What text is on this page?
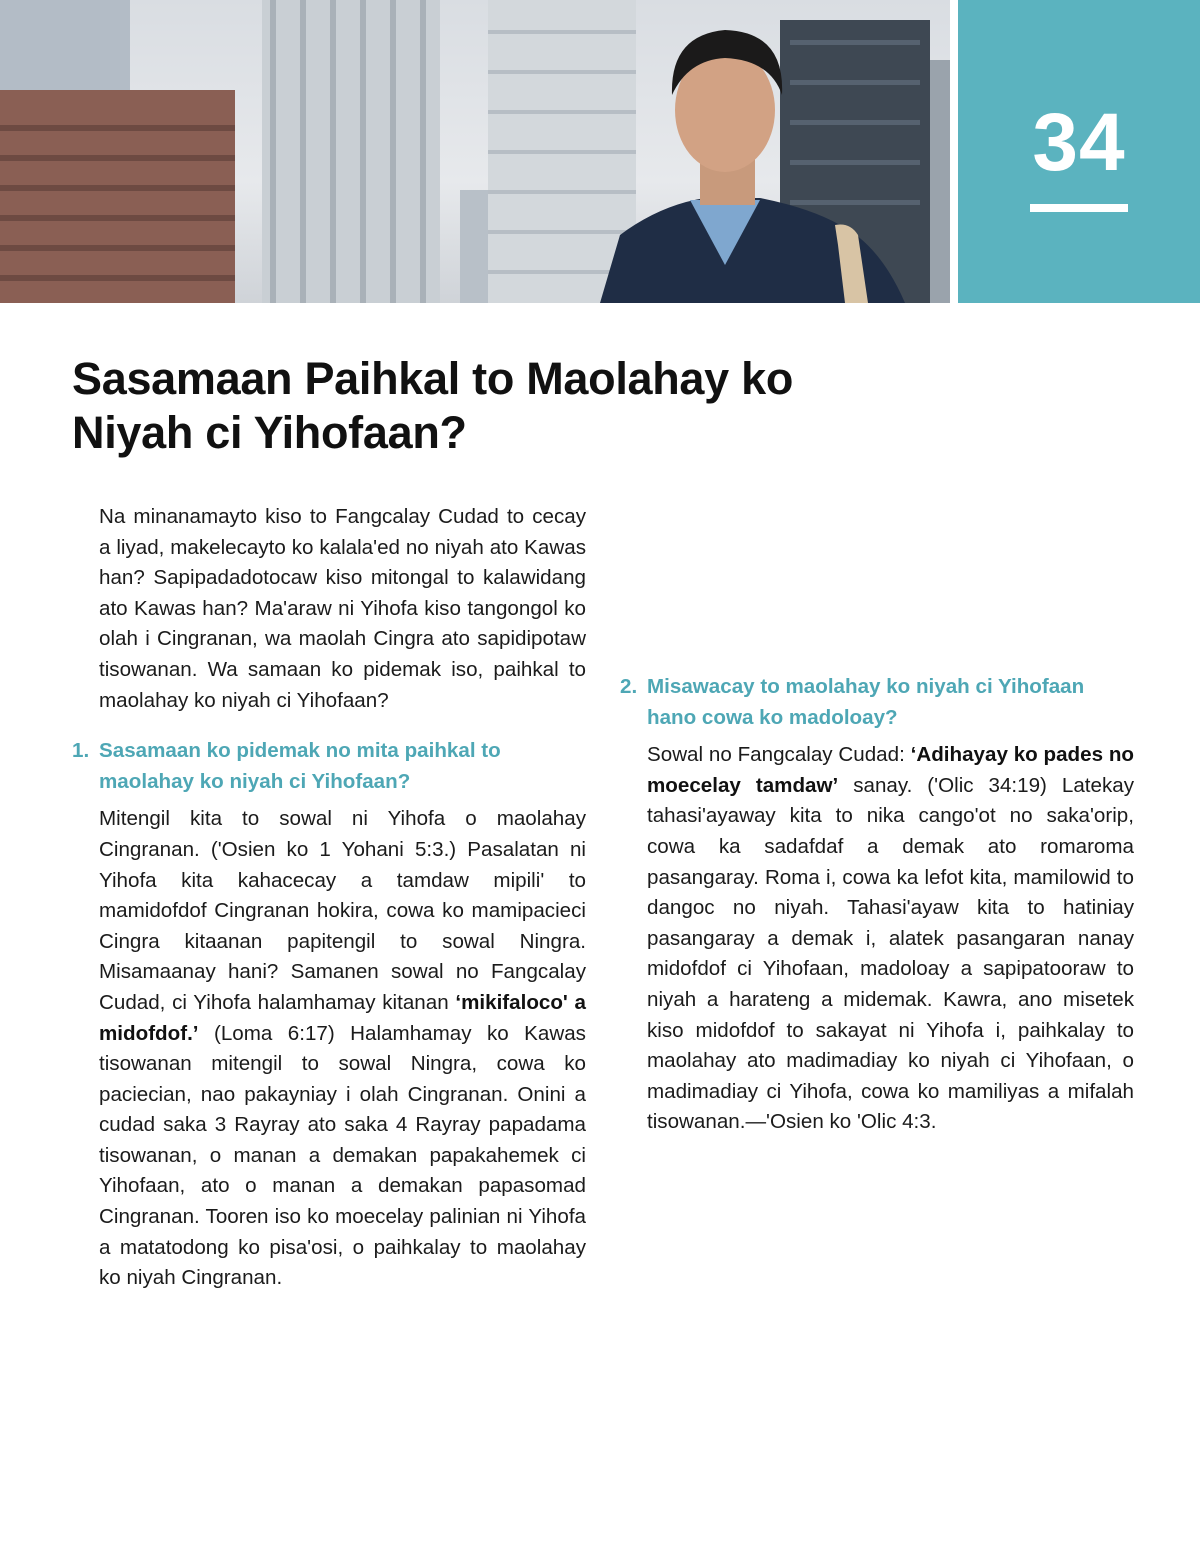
34
Sasamaan Paihkal to Maolahay ko
Niyah ci Yihofaan?

Na minanamayto kiso to Fangcalay Cudad to cecay a liyad, makelecayto ko kalala'ed no niyah ato Kawas han? Sapipadadotocaw kiso mitongal to kalawidang ato Kawas han? Ma'araw ni Yihofa kiso tangongol ko olah i Cingranan, wa maolah Cingra ato sapidipotaw tisowanan. Wa samaan ko pidemak iso, paihkal to maolahay ko niyah ci Yihofaan?

1. Sasamaan ko pidemak no mita paihkal to maolahay ko niyah ci Yihofaan?

Mitengil kita to sowal ni Yihofa o maolahay Cingranan. ('Osien ko 1 Yohani 5:3.) Pasalatan ni Yihofa kita kahacecay a tamdaw mipili' to mamidofdof Cingranan hokira, cowa ko mamipacieci Cingra kitaanan papitengil to sowal Ningra. Misamaanay hani? Samanen sowal no Fangcalay Cudad, ci Yihofa halamhamay kitanan ‘mikifaloco' a midofdof.’ (Loma 6:17) Halamhamay ko Kawas tisowanan mitengil to sowal Ningra, cowa ko paciecian, nao pakayniay i olah Cingranan. Onini a cudad saka 3 Rayray ato saka 4 Rayray papadama tisowanan, o manan a demakan papakahemek ci Yihofaan, ato o manan a demakan papasomad Cingranan. Tooren iso ko moecelay palinian ni Yihofa a matatodong ko pisa'osi, o paihkalay to maolahay ko niyah Cingranan.

2. Misawacay to maolahay ko niyah ci Yihofaan hano cowa ko madoloay?

Sowal no Fangcalay Cudad: ‘Adihayay ko pades no moecelay tamdaw’ sanay. ('Olic 34:19) Latekay tahasi'ayaway kita to nika cango'ot no saka'orip, cowa ka sadafdaf a demak ato romaroma pasangaray. Roma i, cowa ka lefot kita, mamilowid to dangoc no niyah. Tahasi'ayaw kita to hatiniay pasangaray a demak i, alatek pasangaran nanay midofdof ci Yihofaan, madoloay a sapipatooraw to niyah a harateng a midemak. Kawra, ano misetek kiso midofdof to sakayat ni Yihofa i, paihkalay to maolahay ato madimadiay ko niyah ci Yihofaan, o madimadiay ci Yihofa, cowa ko mamiliyas a mifalah tisowanan.—'Osien ko 'Olic 4:3.
